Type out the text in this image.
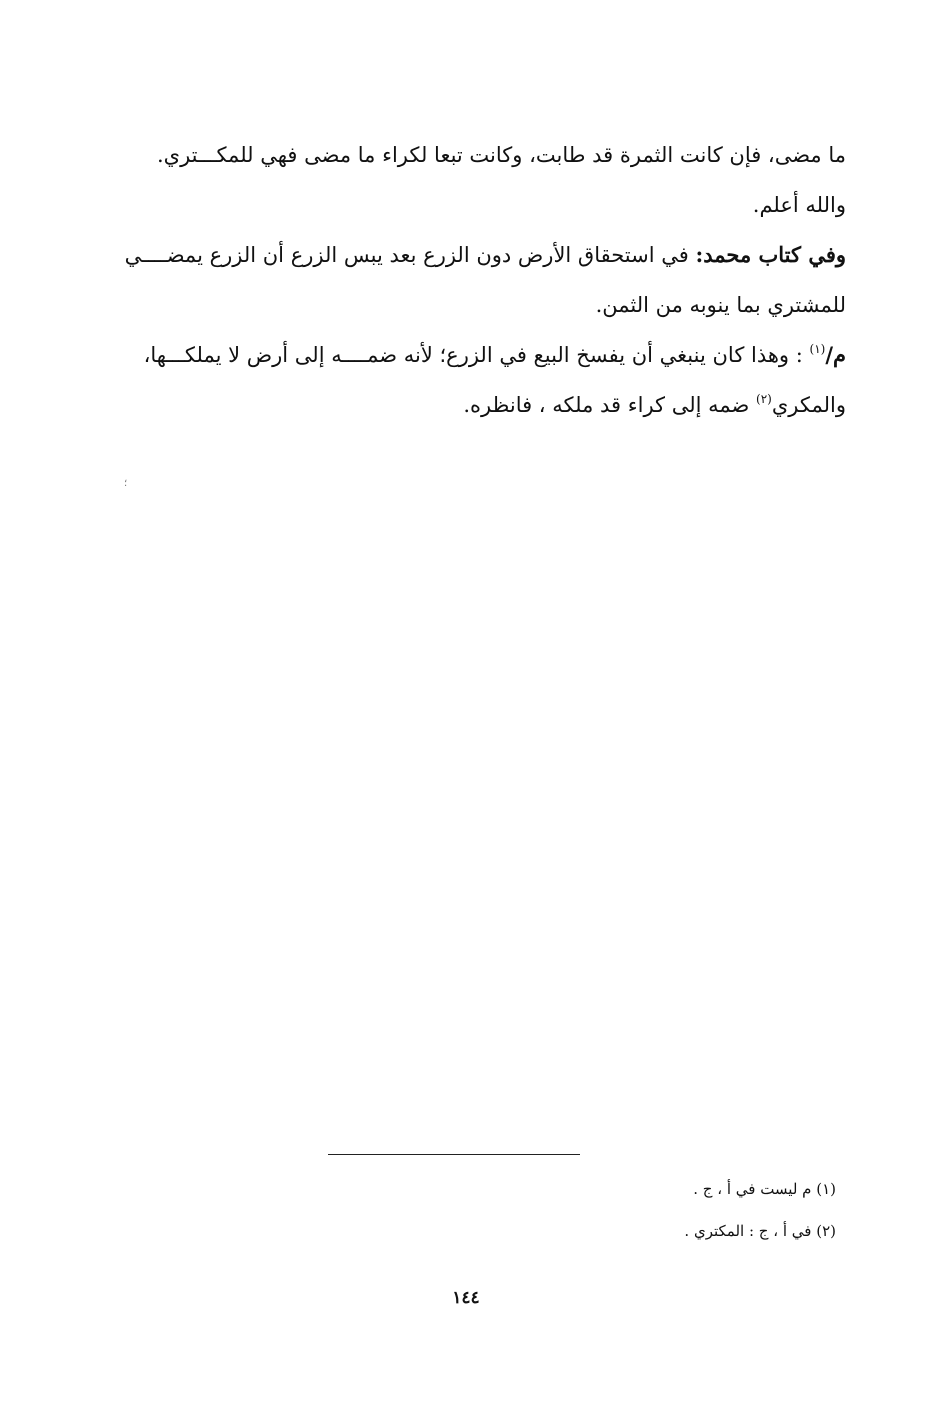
ما مضى، فإن كانت الثمرة قد طابت، وكانت تبعا لكراء ما مضى فهي للمكـــتري. والله أعلم.

وفي كتاب محمد: في استحقاق الأرض دون الزرع بعد يبس الزرع أن الزرع يمضــــي للمشتري بما ينوبه من الثمن.

م/$^{(١)}$ : وهذا كان ينبغي أن يفسخ البيع في الزرع؛ لأنه ضمــــه إلى أرض لا يملكـــها، والمكري$^{(٢)}$ ضمه إلى كراء قد ملكه ، فانظره.

؛

(١) م ليست في أ ، ج .

(٢) في أ ، ج : المكتري .

١٤٤
